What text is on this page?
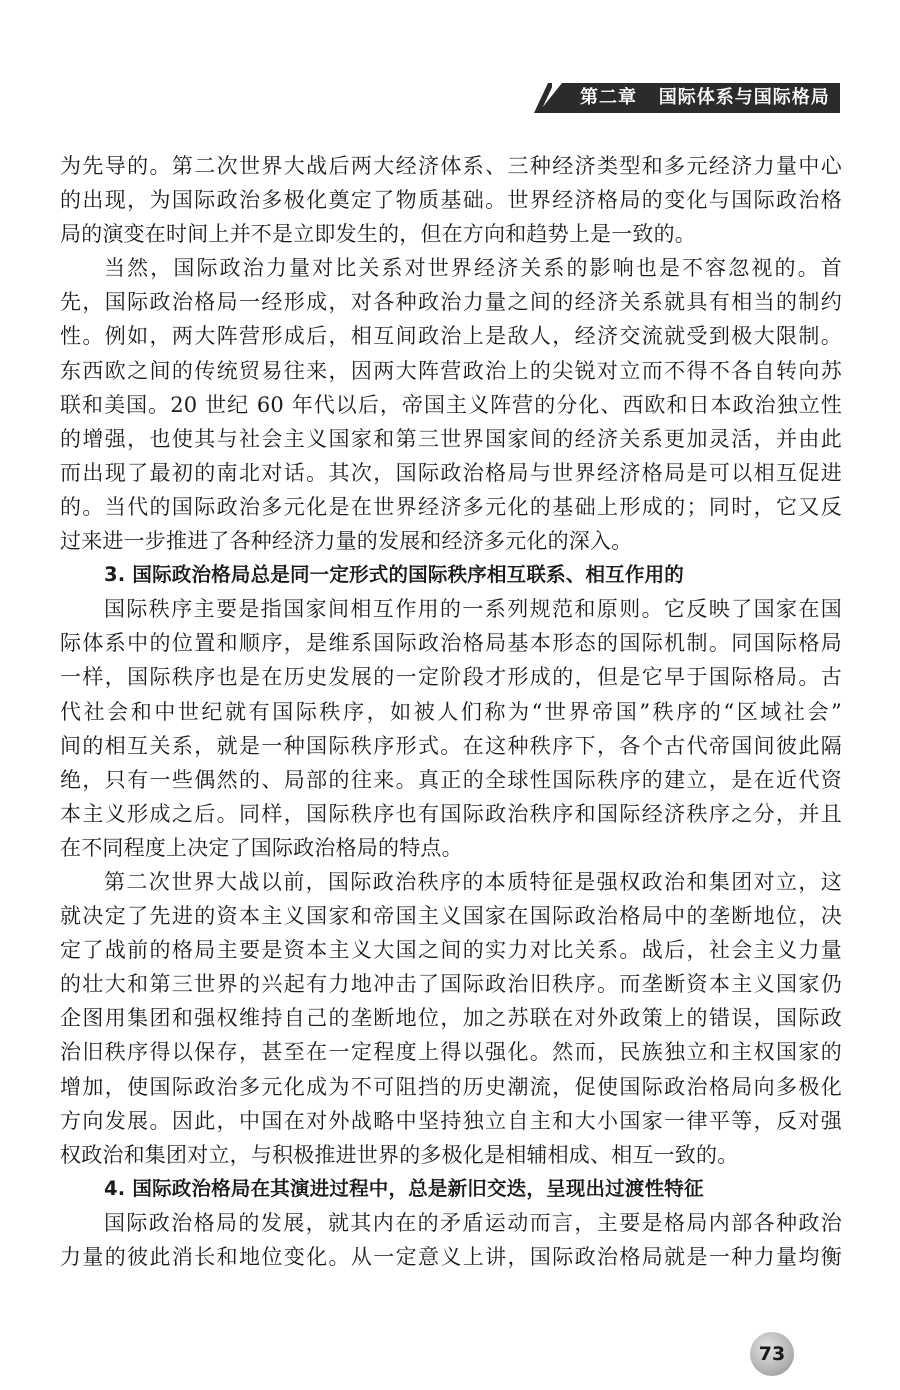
第二章   国际体系与国际格局
为先导的。第二次世界大战后两大经济体系、三种经济类型和多元经济力量中心
的出现，为国际政治多极化奠定了物质基础。世界经济格局的变化与国际政治格
局的演变在时间上并不是立即发生的，但在方向和趋势上是一致的。
当然，国际政治力量对比关系对世界经济关系的影响也是不容忽视的。首
先，国际政治格局一经形成，对各种政治力量之间的经济关系就具有相当的制约
性。例如，两大阵营形成后，相互间政治上是敌人，经济交流就受到极大限制。
东西欧之间的传统贸易往来，因两大阵营政治上的尖锐对立而不得不各自转向苏
联和美国。20 世纪 60 年代以后，帝国主义阵营的分化、西欧和日本政治独立性
的增强，也使其与社会主义国家和第三世界国家间的经济关系更加灵活，并由此
而出现了最初的南北对话。其次，国际政治格局与世界经济格局是可以相互促进
的。当代的国际政治多元化是在世界经济多元化的基础上形成的；同时，它又反
过来进一步推进了各种经济力量的发展和经济多元化的深入。
3. 国际政治格局总是同一定形式的国际秩序相互联系、相互作用的
国际秩序主要是指国家间相互作用的一系列规范和原则。它反映了国家在国
际体系中的位置和顺序，是维系国际政治格局基本形态的国际机制。同国际格局
一样，国际秩序也是在历史发展的一定阶段才形成的，但是它早于国际格局。古
代社会和中世纪就有国际秩序，如被人们称为“世界帝国”秩序的“区域社会”
间的相互关系，就是一种国际秩序形式。在这种秩序下，各个古代帝国间彼此隔
绝，只有一些偶然的、局部的往来。真正的全球性国际秩序的建立，是在近代资
本主义形成之后。同样，国际秩序也有国际政治秩序和国际经济秩序之分，并且
在不同程度上决定了国际政治格局的特点。
第二次世界大战以前，国际政治秩序的本质特征是强权政治和集团对立，这
就决定了先进的资本主义国家和帝国主义国家在国际政治格局中的垄断地位，决
定了战前的格局主要是资本主义大国之间的实力对比关系。战后，社会主义力量
的壮大和第三世界的兴起有力地冲击了国际政治旧秩序。而垄断资本主义国家仍
企图用集团和强权维持自己的垄断地位，加之苏联在对外政策上的错误，国际政
治旧秩序得以保存，甚至在一定程度上得以强化。然而，民族独立和主权国家的
增加，使国际政治多元化成为不可阻挡的历史潮流，促使国际政治格局向多极化
方向发展。因此，中国在对外战略中坚持独立自主和大小国家一律平等，反对强
权政治和集团对立，与积极推进世界的多极化是相辅相成、相互一致的。
4. 国际政治格局在其演进过程中，总是新旧交迭，呈现出过渡性特征
国际政治格局的发展，就其内在的矛盾运动而言，主要是格局内部各种政治
力量的彼此消长和地位变化。从一定意义上讲，国际政治格局就是一种力量均衡
73
